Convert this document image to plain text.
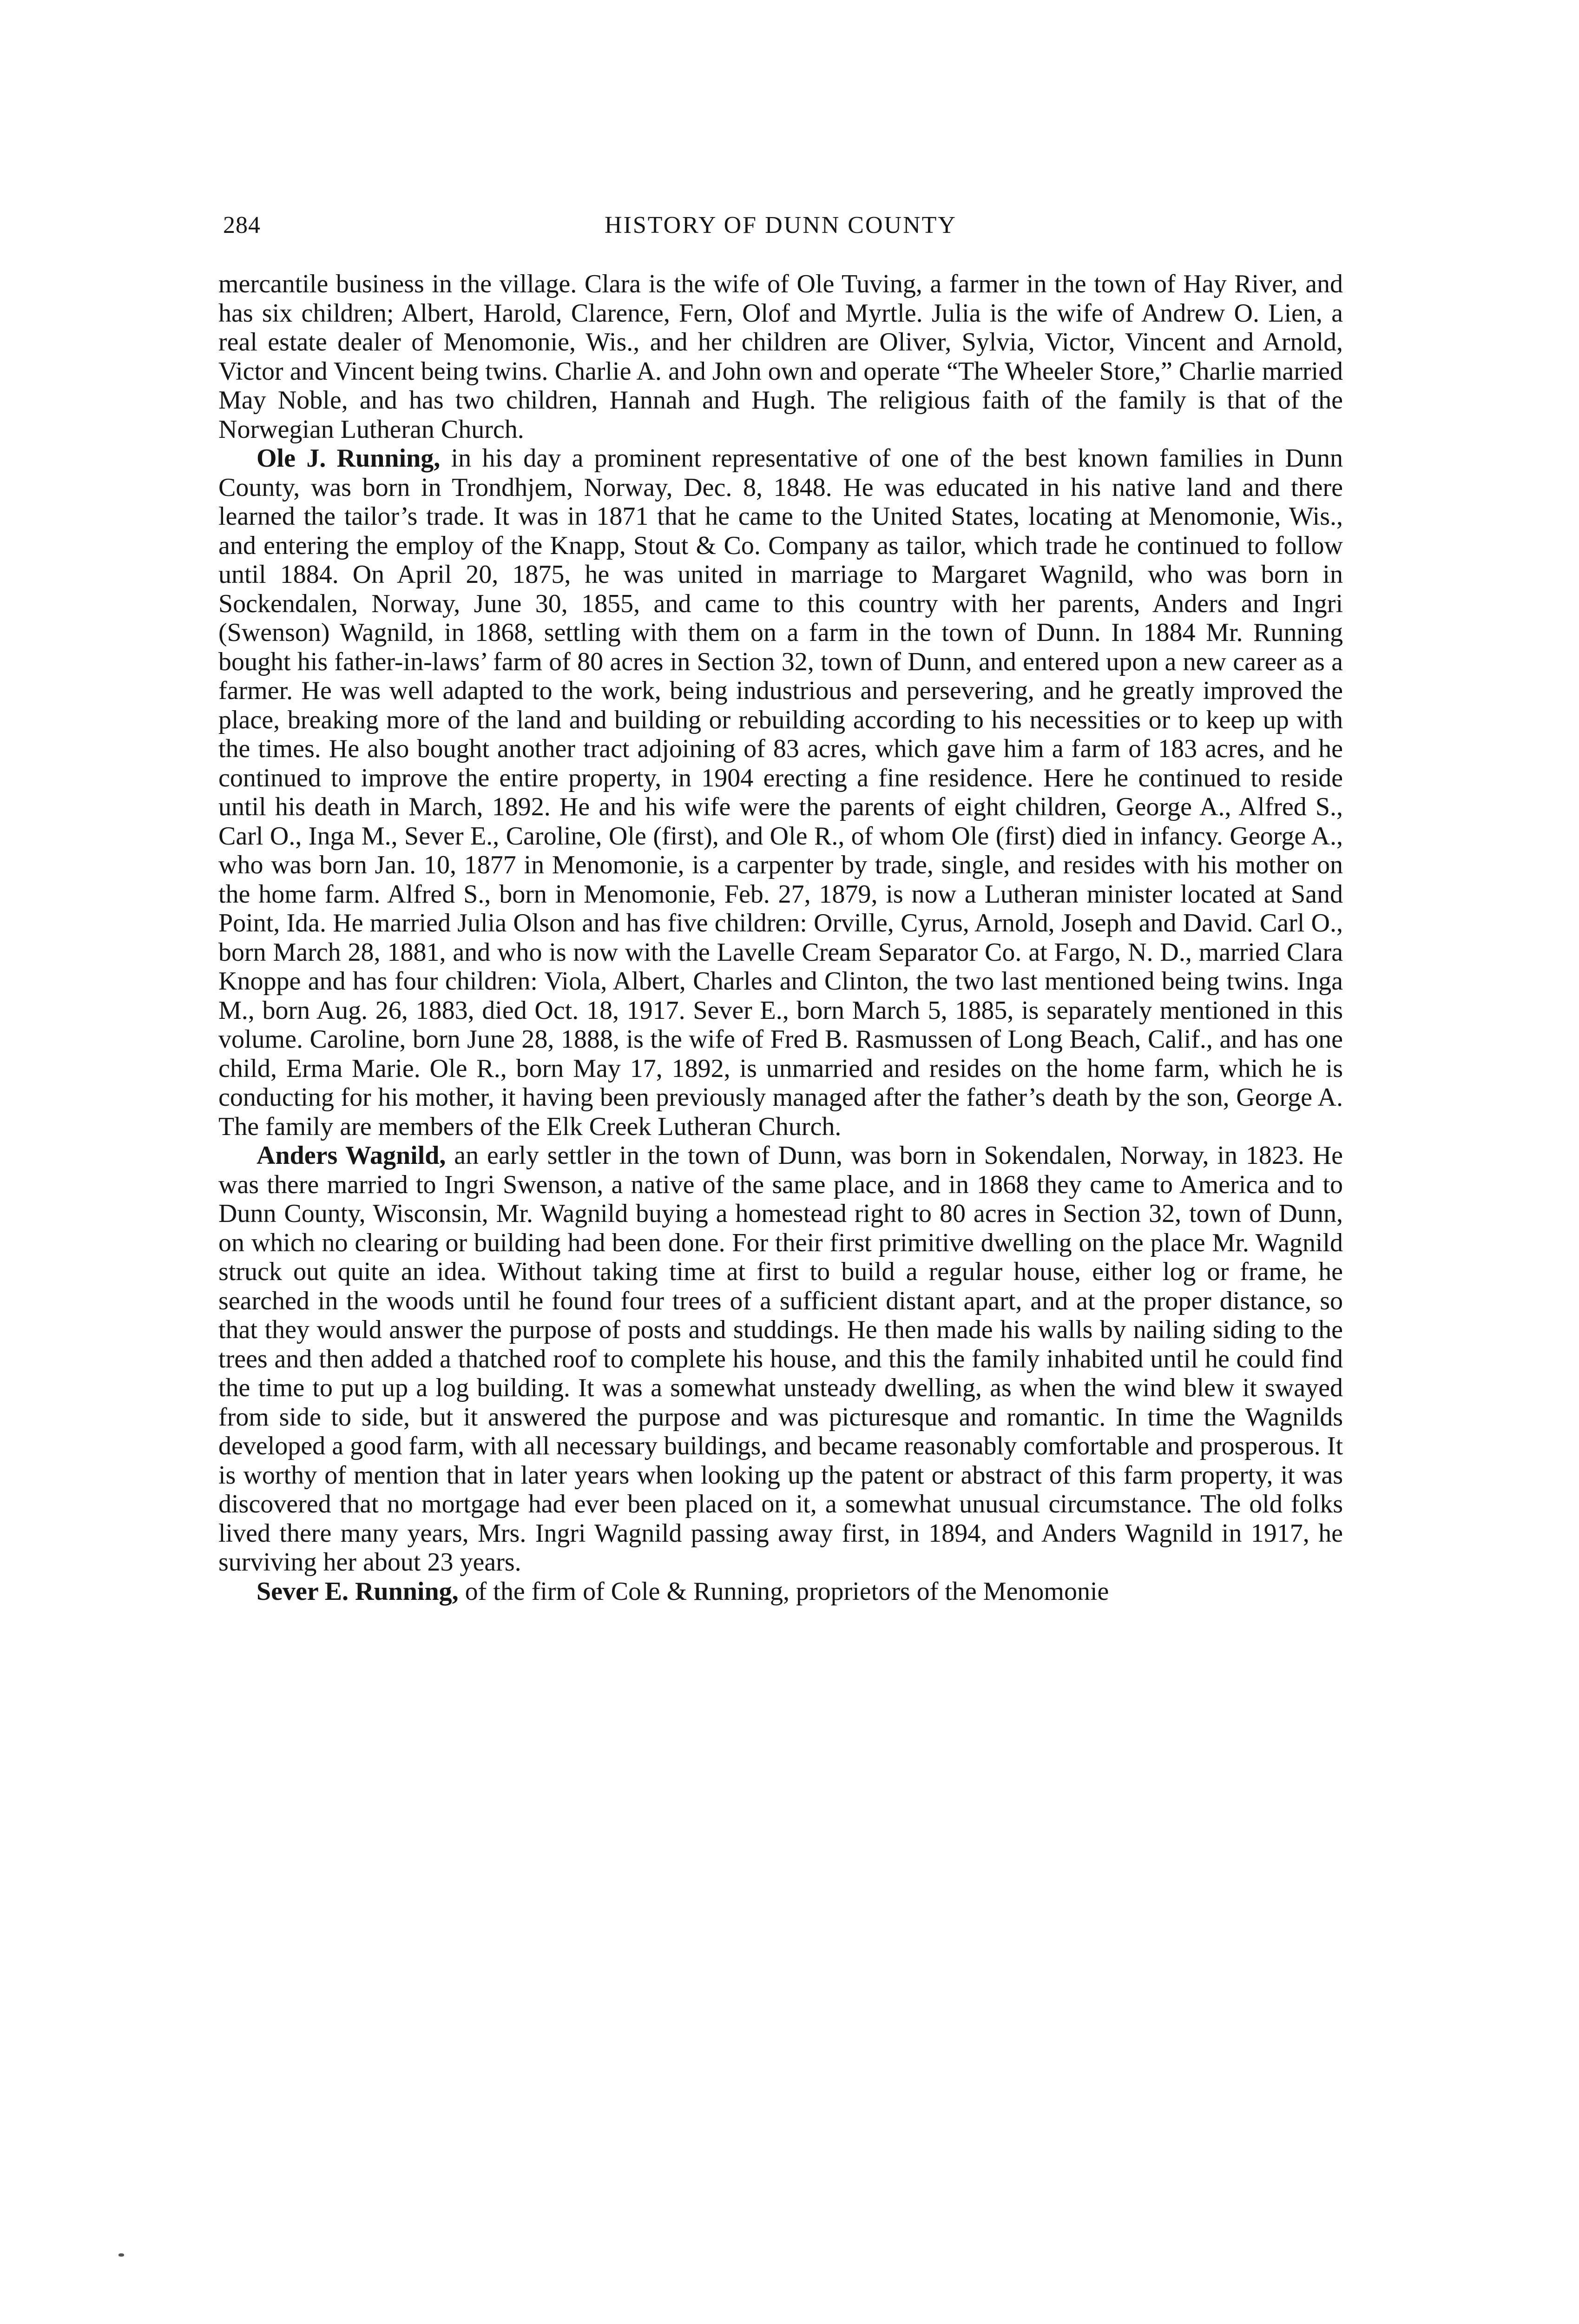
284	HISTORY OF DUNN COUNTY

mercantile business in the village. Clara is the wife of Ole Tuving, a farmer in the town of Hay River, and has six children; Albert, Harold, Clarence, Fern, Olof and Myrtle. Julia is the wife of Andrew O. Lien, a real estate dealer of Menomonie, Wis., and her children are Oliver, Sylvia, Victor, Vincent and Arnold, Victor and Vincent being twins. Charlie A. and John own and operate “The Wheeler Store,” Charlie married May Noble, and has two children, Hannah and Hugh. The religious faith of the family is that of the Norwegian Lutheran Church.

Ole J. Running, in his day a prominent representative of one of the best known families in Dunn County, was born in Trondhjem, Norway, Dec. 8, 1848. He was educated in his native land and there learned the tailor’s trade. It was in 1871 that he came to the United States, locating at Menomonie, Wis., and entering the employ of the Knapp, Stout & Co. Company as tailor, which trade he continued to follow until 1884. On April 20, 1875, he was united in marriage to Margaret Wagnild, who was born in Sockendalen, Norway, June 30, 1855, and came to this country with her parents, Anders and Ingri (Swenson) Wagnild, in 1868, settling with them on a farm in the town of Dunn. In 1884 Mr. Running bought his father-in-laws’ farm of 80 acres in Section 32, town of Dunn, and entered upon a new career as a farmer. He was well adapted to the work, being industrious and persevering, and he greatly improved the place, breaking more of the land and building or rebuilding according to his necessities or to keep up with the times. He also bought another tract adjoining of 83 acres, which gave him a farm of 183 acres, and he continued to improve the entire property, in 1904 erecting a fine residence. Here he continued to reside until his death in March, 1892. He and his wife were the parents of eight children, George A., Alfred S., Carl O., Inga M., Sever E., Caroline, Ole (first), and Ole R., of whom Ole (first) died in infancy. George A., who was born Jan. 10, 1877 in Menomonie, is a carpenter by trade, single, and resides with his mother on the home farm. Alfred S., born in Menomonie, Feb. 27, 1879, is now a Lutheran minister located at Sand Point, Ida. He married Julia Olson and has five children: Orville, Cyrus, Arnold, Joseph and David. Carl O., born March 28, 1881, and who is now with the Lavelle Cream Separator Co. at Fargo, N. D., married Clara Knoppe and has four children: Viola, Albert, Charles and Clinton, the two last mentioned being twins. Inga M., born Aug. 26, 1883, died Oct. 18, 1917. Sever E., born March 5, 1885, is separately mentioned in this volume. Caroline, born June 28, 1888, is the wife of Fred B. Rasmussen of Long Beach, Calif., and has one child, Erma Marie. Ole R., born May 17, 1892, is unmarried and resides on the home farm, which he is conducting for his mother, it having been previously managed after the father’s death by the son, George A. The family are members of the Elk Creek Lutheran Church.

Anders Wagnild, an early settler in the town of Dunn, was born in Sokendalen, Norway, in 1823. He was there married to Ingri Swenson, a native of the same place, and in 1868 they came to America and to Dunn County, Wisconsin, Mr. Wagnild buying a homestead right to 80 acres in Section 32, town of Dunn, on which no clearing or building had been done. For their first primitive dwelling on the place Mr. Wagnild struck out quite an idea. Without taking time at first to build a regular house, either log or frame, he searched in the woods until he found four trees of a sufficient distant apart, and at the proper distance, so that they would answer the purpose of posts and studdings. He then made his walls by nailing siding to the trees and then added a thatched roof to complete his house, and this the family inhabited until he could find the time to put up a log building. It was a somewhat unsteady dwelling, as when the wind blew it swayed from side to side, but it answered the purpose and was picturesque and romantic. In time the Wagnilds developed a good farm, with all necessary buildings, and became reasonably comfortable and prosperous. It is worthy of mention that in later years when looking up the patent or abstract of this farm property, it was discovered that no mortgage had ever been placed on it, a somewhat unusual circumstance. The old folks lived there many years, Mrs. Ingri Wagnild passing away first, in 1894, and Anders Wagnild in 1917, he surviving her about 23 years.

Sever E. Running, of the firm of Cole & Running, proprietors of the Menomonie
